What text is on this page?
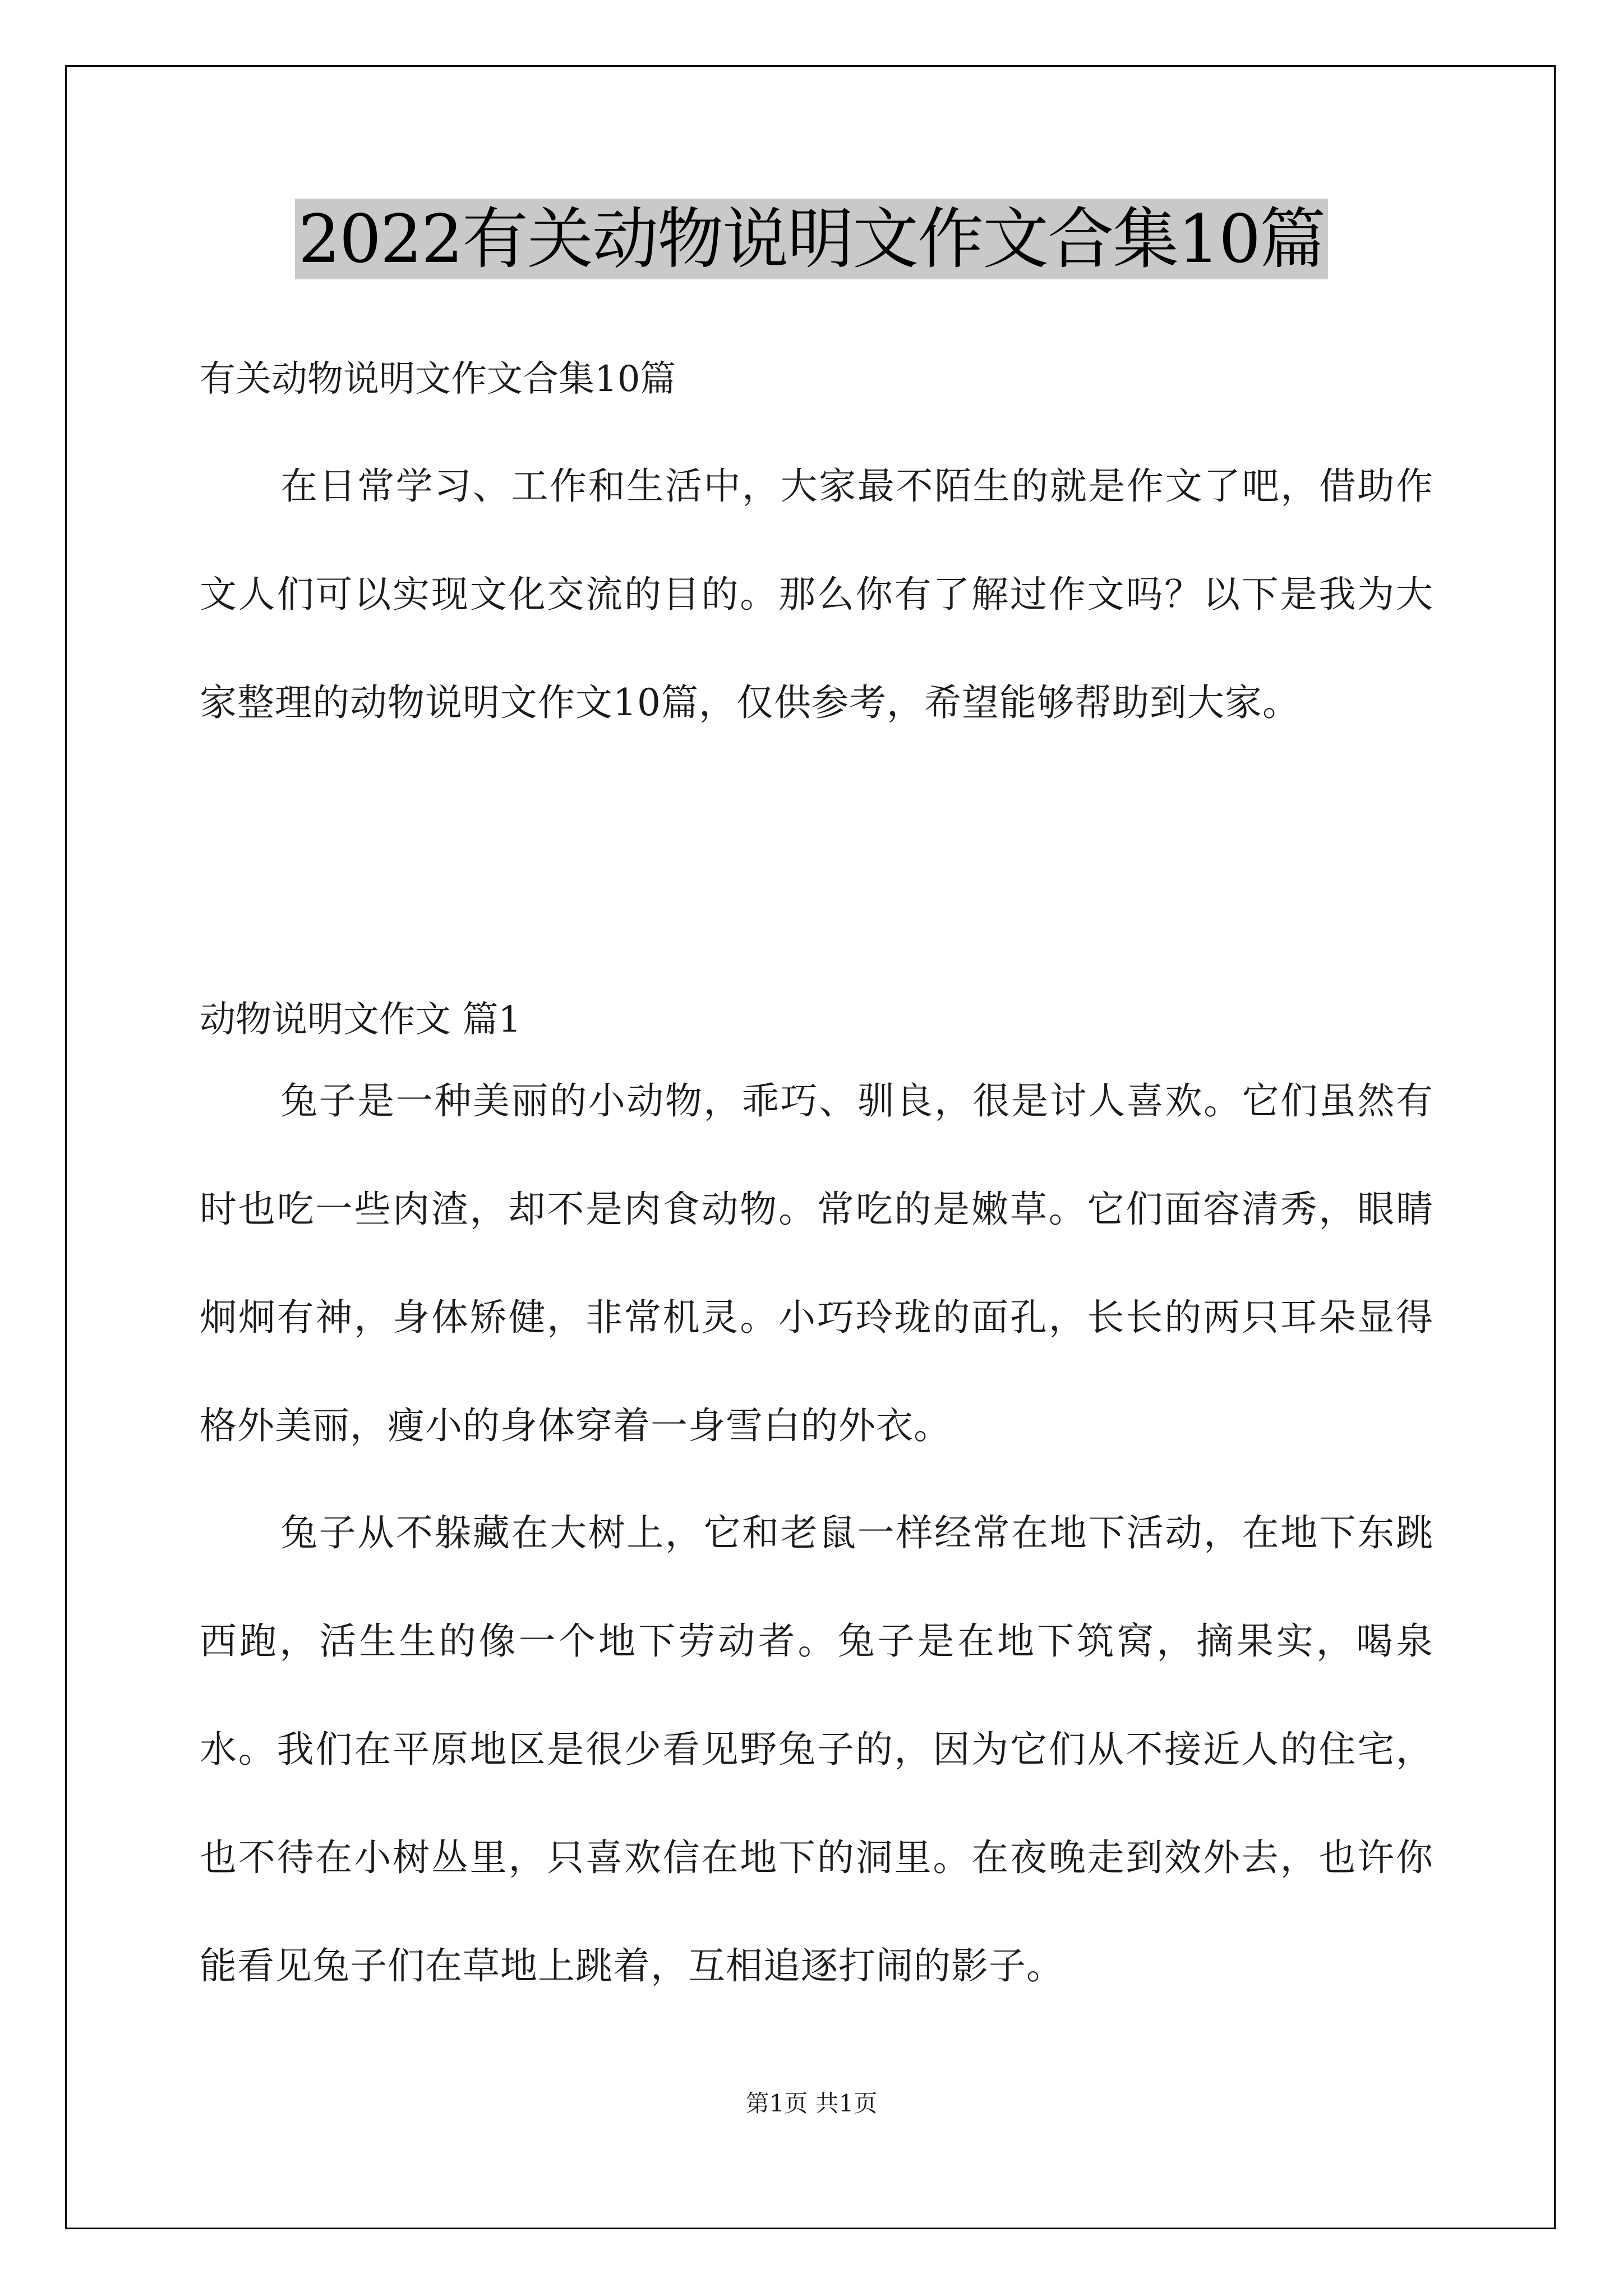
2022有关动物说明文作文合集10篇
有关动物说明文作文合集10篇
在日常学习、工作和生活中，大家最不陌生的就是作文了吧，借助作文人们可以实现文化交流的目的。那么你有了解过作文吗？以下是我为大家整理的动物说明文作文10篇，仅供参考，希望能够帮助到大家。
动物说明文作文 篇1
兔子是一种美丽的小动物，乖巧、驯良，很是讨人喜欢。它们虽然有时也吃一些肉渣，却不是肉食动物。常吃的是嫩草。它们面容清秀，眼睛炯炯有神，身体矫健，非常机灵。小巧玲珑的面孔，长长的两只耳朵显得格外美丽，瘦小的身体穿着一身雪白的外衣。
兔子从不躲藏在大树上，它和老鼠一样经常在地下活动，在地下东跳西跑，活生生的像一个地下劳动者。兔子是在地下筑窝，摘果实，喝泉水。我们在平原地区是很少看见野兔子的，因为它们从不接近人的住宅，也不待在小树丛里，只喜欢信在地下的洞里。在夜晚走到效外去，也许你能看见兔子们在草地上跳着，互相追逐打闹的影子。
第1页 共1页
